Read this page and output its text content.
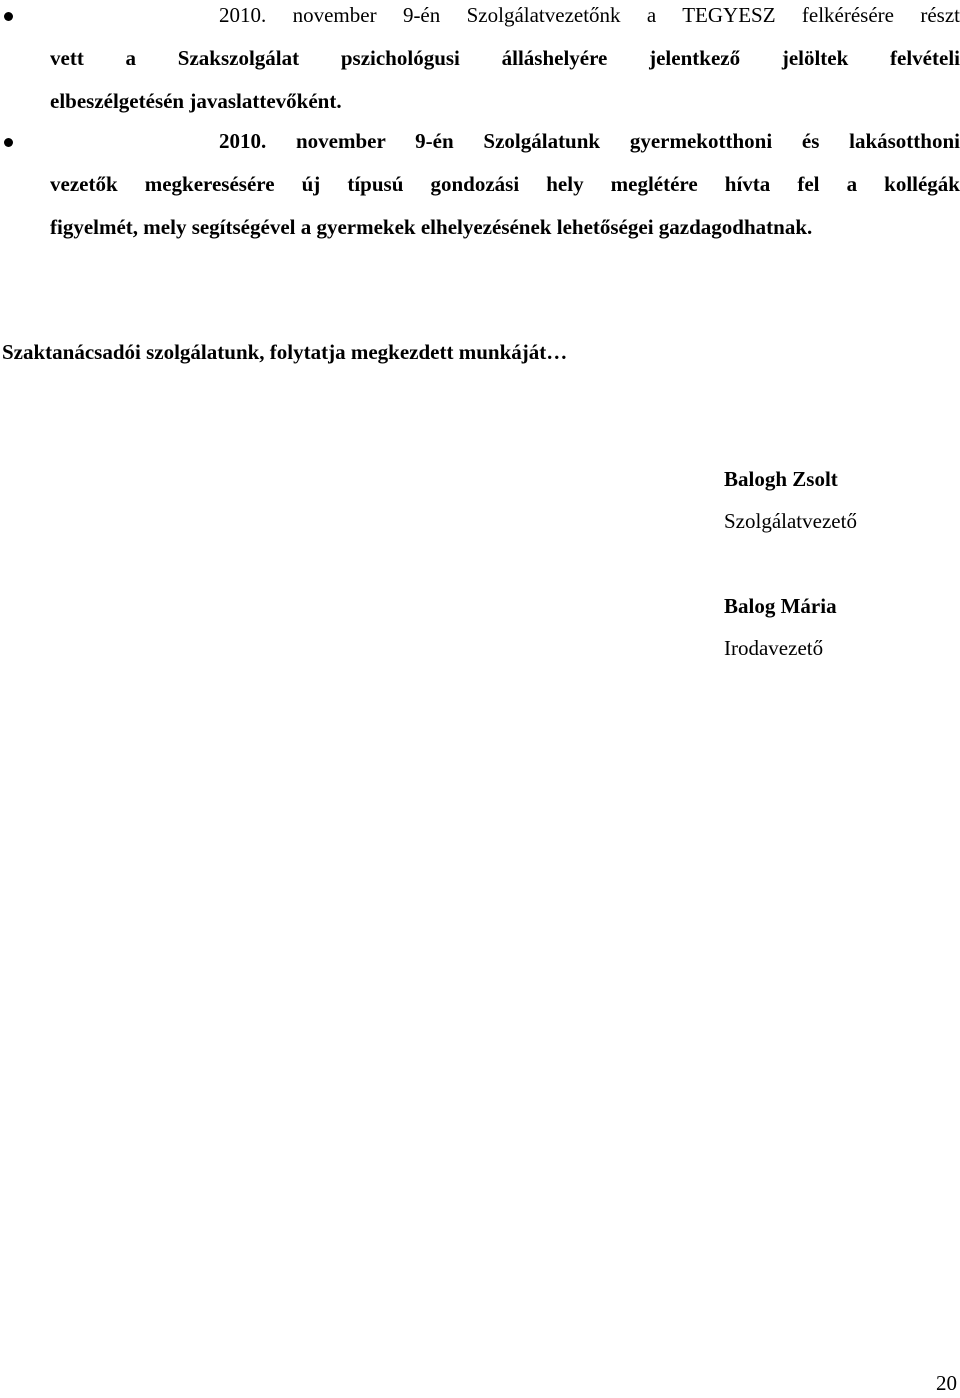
2010. november 9-én Szolgálatvezetőnk a TEGYESZ felkérésére részt
vett a Szakszolgálat pszichológusi álláshelyére jelentkező jelöltek felvételi
elbeszélgetésén javaslattevőként.
2010. november 9-én Szolgálatunk gyermekotthoni és lakásotthoni
vezetők megkeresésére új típusú gondozási hely meglétére hívta fel a kollégák
figyelmét, mely segítségével a gyermekek elhelyezésének lehetőségei gazdagodhatnak.
Szaktanácsadói szolgálatunk, folytatja megkezdett munkáját…
Balogh Zsolt
Szolgálatvezető
Balog Mária
Irodavezető
20
